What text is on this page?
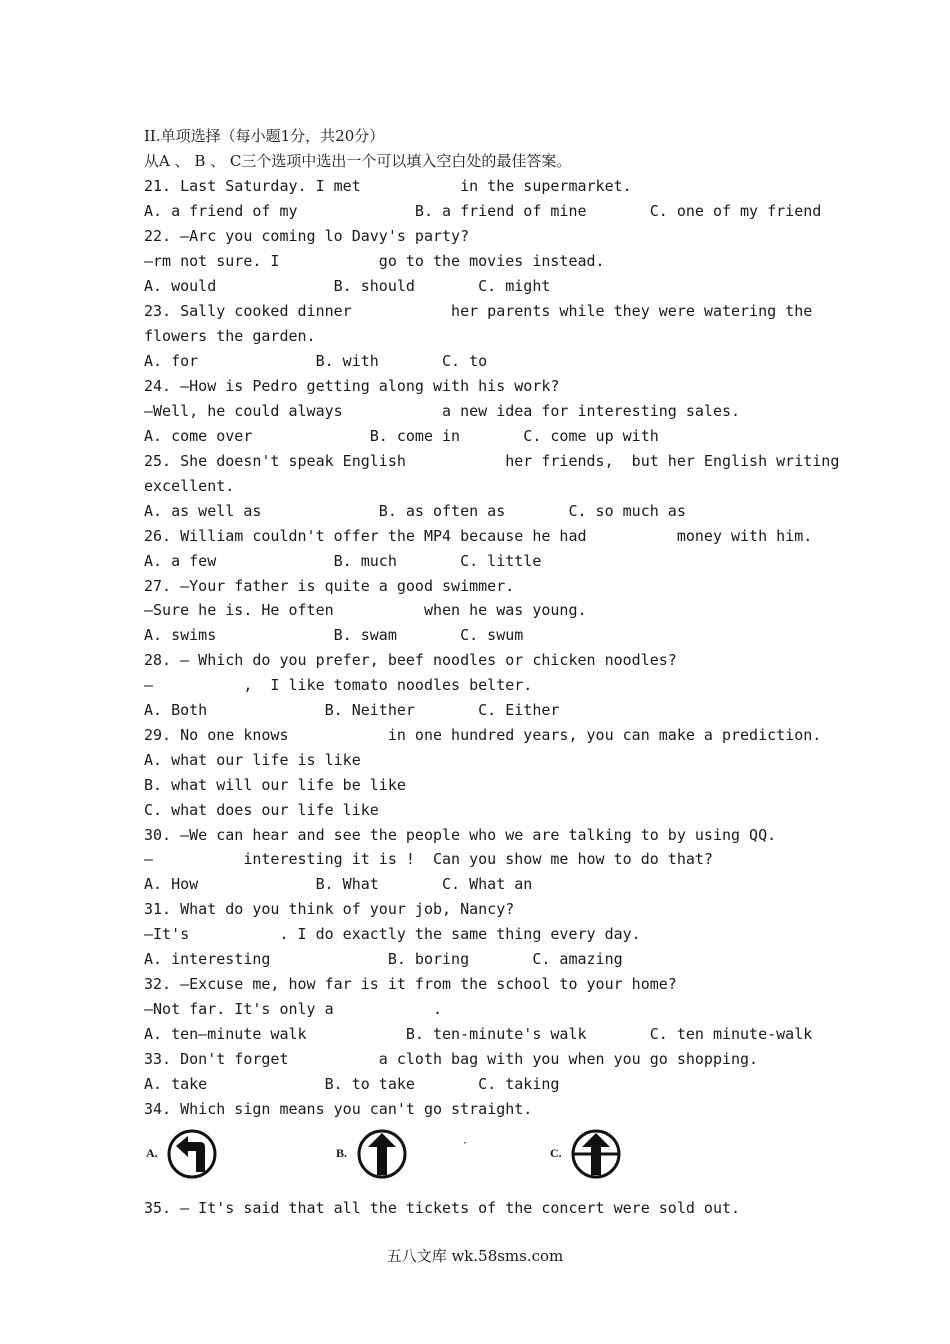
II.单项选择（每小题1分，共20分）
从A 、 B 、 C三个选项中选出一个可以填入空白处的最佳答案。
21. Last Saturday. I met           in the supermarket.
A. a friend of my             B. a friend of mine       C. one of my friend
22. —Arc you coming lo Davy's party?
—rm not sure. I           go to the movies instead.
A. would             B. should       C. might
23. Sally cooked dinner           her parents while they were watering the
flowers the garden.
A. for             B. with       C. to
24. —How is Pedro getting along with his work?
—Well, he could always           a new idea for interesting sales.
A. come over             B. come in       C. come up with
25. She doesn't speak English           her friends,  but her English writing
excellent.
A. as well as             B. as often as       C. so much as
26. William couldn't offer the MP4 because he had          money with him.
A. a few             B. much       C. little
27. —Your father is quite a good swimmer.
—Sure he is. He often          when he was young.
A. swims             B. swam       C. swum
28. — Which do you prefer, beef noodles or chicken noodles?
—          ,  I like tomato noodles belter.
A. Both             B. Neither       C. Either
29. No one knows           in one hundred years, you can make a prediction.
A. what our life is like
B. what will our life be like
C. what does our life like
30. —We can hear and see the people who we are talking to by using QQ.
—          interesting it is !  Can you show me how to do that?
A. How             B. What       C. What an
31. What do you think of your job, Nancy?
—It's          . I do exactly the same thing every day.
A. interesting             B. boring       C. amazing
32. —Excuse me, how far is it from the school to your home?
—Not far. It's only a           .
A. ten—minute walk           B. ten-minute's walk       C. ten minute-walk
33. Don't forget          a cloth bag with you when you go shopping.
A. take             B. to take       C. taking
34. Which sign means you can't go straight.
A.	B.
·
C.
35. — It's said that all the tickets of the concert were sold out.
五八文库 wk.58sms.com
